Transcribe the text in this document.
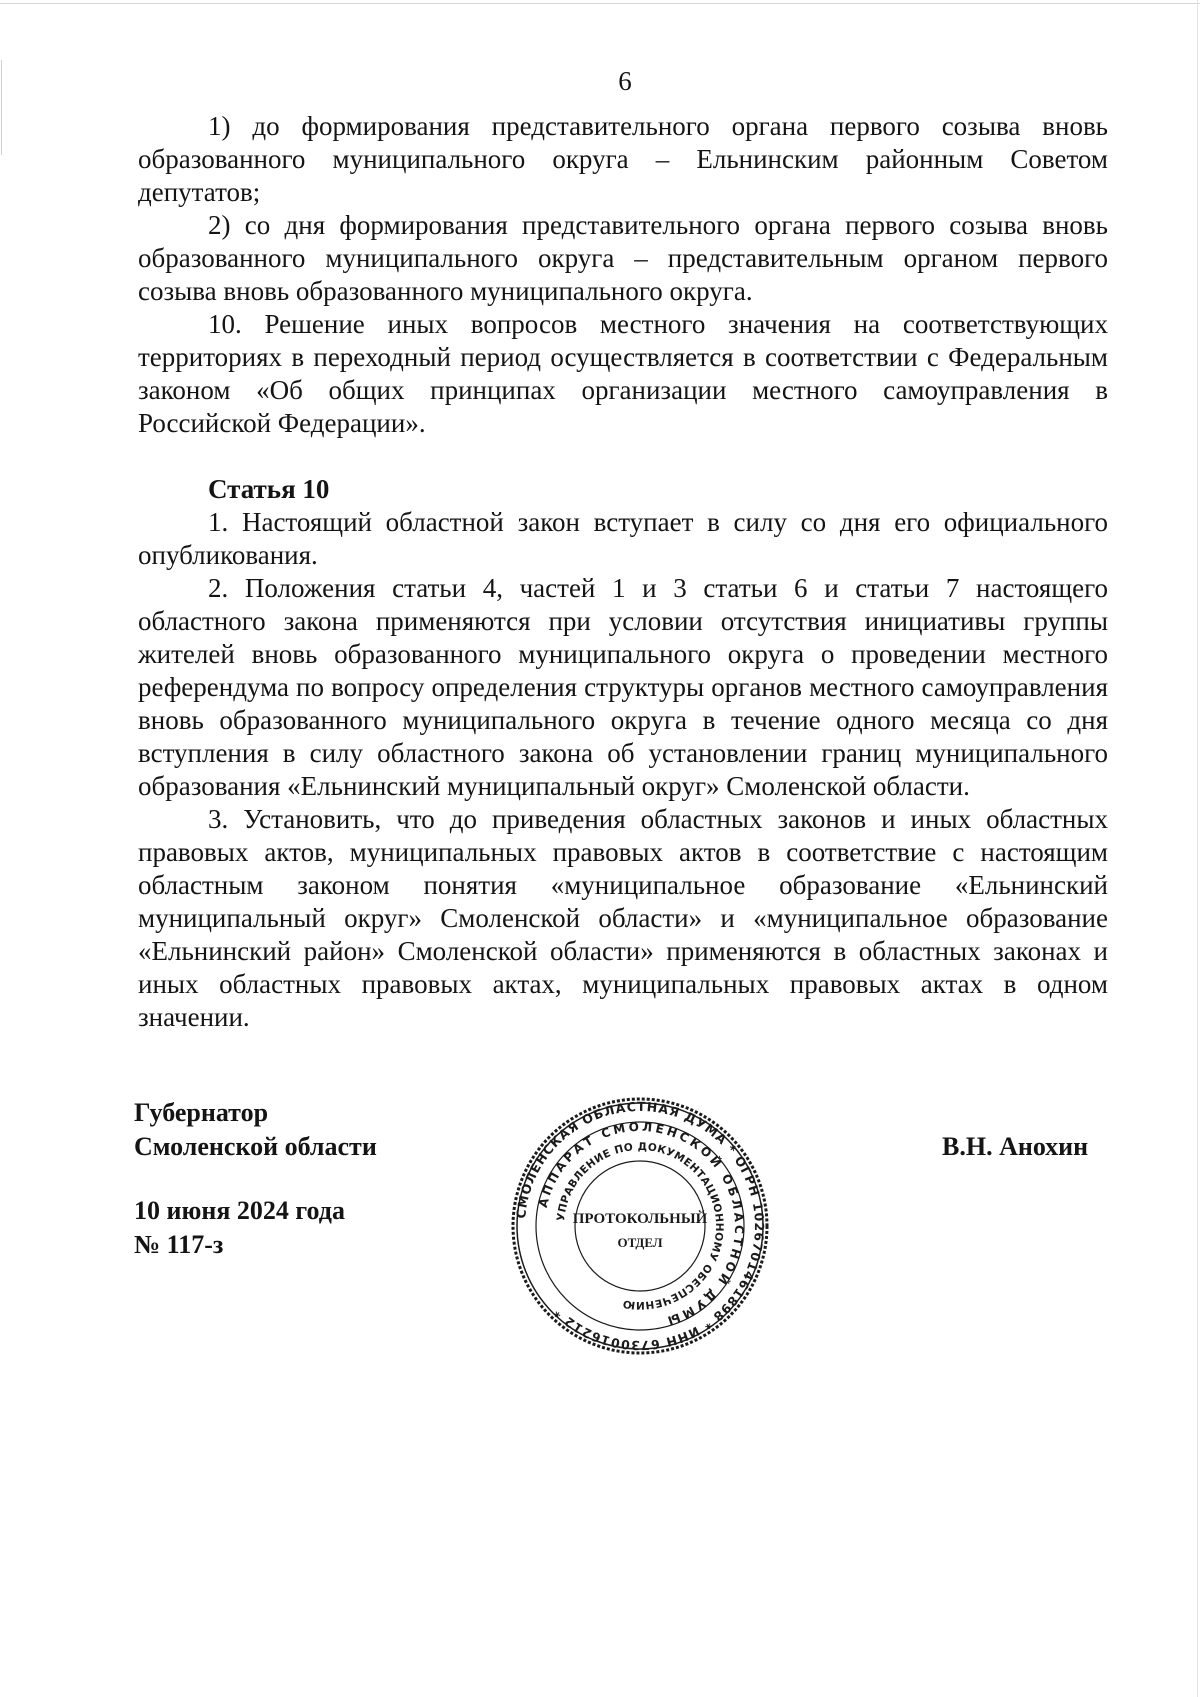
6

1) до формирования представительного органа первого созыва вновь образованного муниципального округа – Ельнинским районным Советом депутатов;

2) со дня формирования представительного органа первого созыва вновь образованного муниципального округа – представительным органом первого созыва вновь образованного муниципального округа.

10. Решение иных вопросов местного значения на соответствующих территориях в переходный период осуществляется в соответствии с Федеральным законом «Об общих принципах организации местного самоуправления в Российской Федерации».

Статья 10

1. Настоящий областной закон вступает в силу со дня его официального опубликования.

2. Положения статьи 4, частей 1 и 3 статьи 6 и статьи 7 настоящего областного закона применяются при условии отсутствия инициативы группы жителей вновь образованного муниципального округа о проведении местного референдума по вопросу определения структуры органов местного самоуправления вновь образованного муниципального округа в течение одного месяца со дня вступления в силу областного закона об установлении границ муниципального образования «Ельнинский муниципальный округ» Смоленской области.

3. Установить, что до приведения областных законов и иных областных правовых актов, муниципальных правовых актов в соответствие с настоящим областным законом понятия «муниципальное образование «Ельнинский муниципальный округ» Смоленской области» и «муниципальное образование «Ельнинский район» Смоленской области» применяются в областных законах и иных областных правовых актах, муниципальных правовых актах в одном значении.

Губернатор
Смоленской области
10 июня 2024 года
№ 117-з
СМОЛЕНСКАЯ ОБЛАСТНАЯ ДУМА * ОГРН 1026701461898 * ИНН 6730016212 *
АППАРАТ СМОЛЕНСКОЙ ОБЛАСТНОЙ ДУМЫ
УПРАВЛЕНИЕ ПО ДОКУМЕНТАЦИОННОМУ ОБЕСПЕЧЕНИЮ
ПРОТОКОЛЬНЫЙ
ОТДЕЛ
В.Н. Анохин
